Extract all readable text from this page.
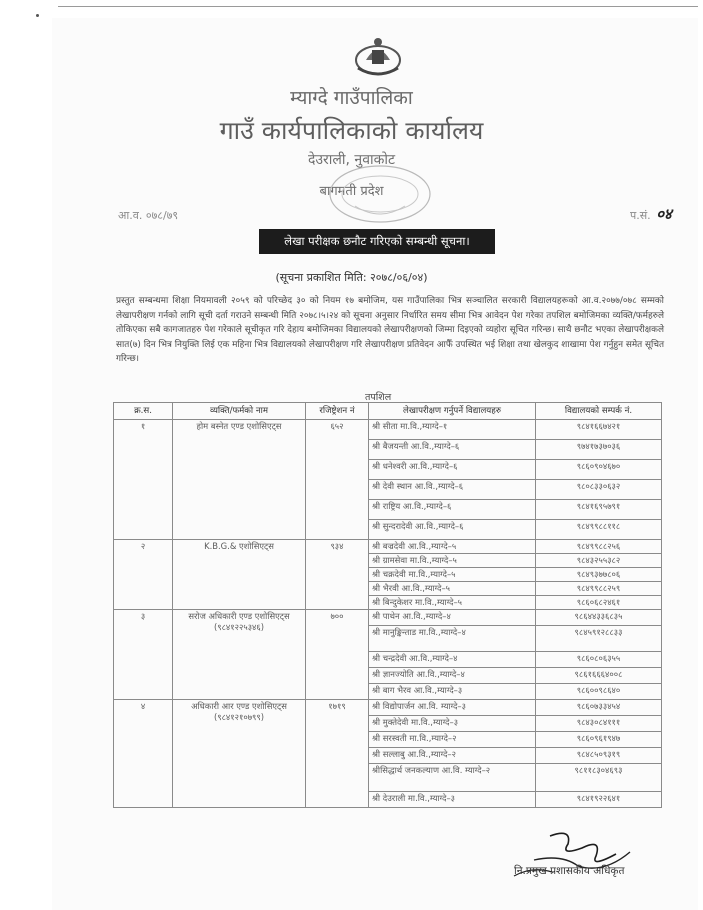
म्याग्दे गाउँपालिका
गाउँ कार्यपालिकाको कार्यालय
देउराली, नुवाकोट
बागमती प्रदेश
आ.व. ०७८/७९	प.सं. ०४
लेखा परीक्षक छनौट गरिएको सम्बन्धी सूचना।
(सूचना प्रकाशित मिति: २०७८/०६/०४)
प्रस्तुत सम्बन्धमा शिक्षा नियमावली २०५९ को परिच्छेद ३० को नियम १७ बमोजिम, यस गाउँपालिका भित्र सञ्चालित सरकारी विद्यालयहरूको आ.व.२०७७/०७८ सम्मको लेखापरीक्षण गर्नको लागि सूची दर्ता गराउने सम्बन्धी मिति २०७८।५।२४ को सूचना अनुसार निर्धारित समय सीमा भित्र आवेदन पेश गरेका तपशिल बमोजिमका व्यक्ति/फर्महरुले तोकिएका सबै कागजातहरु पेश गरेकाले सूचीकृत गरि देहाय बमोजिमका विद्यालयको लेखापरीक्षणको जिम्मा दिइएको व्यहोरा सूचित गरिन्छ। साथै छनौट भएका लेखापरीक्षकले सात(७) दिन भित्र नियुक्ति लिई एक महिना भित्र विद्यालयको लेखापरीक्षण गरि लेखापरीक्षण प्रतिवेदन आफैँ उपस्थित भई शिक्षा तथा खेलकुद शाखामा पेश गर्नुहुन समेत सूचित गरिन्छ।
तपशिल
क्र.स.	व्यक्ति/फर्मको नाम	रजिष्ट्रेशन नं	लेखापरीक्षण गर्नुपर्ने विद्यालयहरु	विद्यालयको सम्पर्क नं.
१	होम बस्नेत एण्ड एशोसिएट्स	६५२	श्री सीता मा.वि.,म्याग्दे–१	९८४१६६७४२१
			श्री बैजयन्ती आ.वि.,म्याग्दे–६	९७४१७३७०३६
			श्री धनेश्वरी आ.वि.,म्याग्दे–६	९८६०९०४६७०
			श्री देवी स्थान आ.वि.,म्याग्दे–६	९८०८३३०६३२
			श्री राष्ट्रिय आ.वि.,म्याग्दे–६	९८४१६९५७९१
			श्री सुन्दरादेवी आ.वि.,म्याग्दे–६	९८४९९८८११८
२	K.B.G.& एशोसिएट्स	९३४	श्री बज्रदेवी आ.वि.,म्याग्दे–५	९८४९९८८२५६
			श्री ग्रामसेवा मा.वि.,म्याग्दे–५	९८४३२५५३८२
			श्री चक्रदेवी मा.वि.,म्याग्दे–५	९८४९३७७८०६
			श्री भैरवी आ.वि.,म्याग्दे–५	९८४९९८८२५९
			श्री बिन्दुकेशर मा.वि.,म्याग्दे–५	९८६०६८२४६१
३	सरोज अधिकारी एण्ड एशोसिएट्स (९८४१२२५३४६)	७००	श्री पाथेन आ.वि.,म्याग्दे–४	९८६४४३३६८३५
			श्री मानुङ्किन्ताड मा.वि.,म्याग्दे–४	९८४५९१२८८३३
			श्री चन्द्रदेवी आ.वि.,म्याग्दे–४	९८६०८०६३५५
			श्री ज्ञानज्योति आ.वि.,म्याग्दे–४	९८६१६६६४००८
			श्री बाग भैरव आ.वि.,म्याग्दे–३	९८६००९८६४०
४	अधिकारी आर एण्ड एशोसिएट्स (९८४१२१०७९९)	१७१९	श्री विद्योपार्जन आ.वि. म्याग्दे–३	९८६०७३३४५४
			श्री मुक्तेदेवी मा.वि.,म्याग्दे–३	९८४३०८४१११
			श्री सरस्वती मा.वि.,म्याग्दे–२	९८६०९६१९४७
			श्री सल्लाबु आ.वि.,म्याग्दे–२	९८४८५०९३१९
			श्रीसिद्धार्थ जनकल्याण आ.वि. म्याग्दे–२	९८११८३०४६९३
			श्री देउराली मा.वि.,म्याग्दे–३	९८४१९२२६४१
नि.प्रमुख प्रशासकीय अधिकृत
